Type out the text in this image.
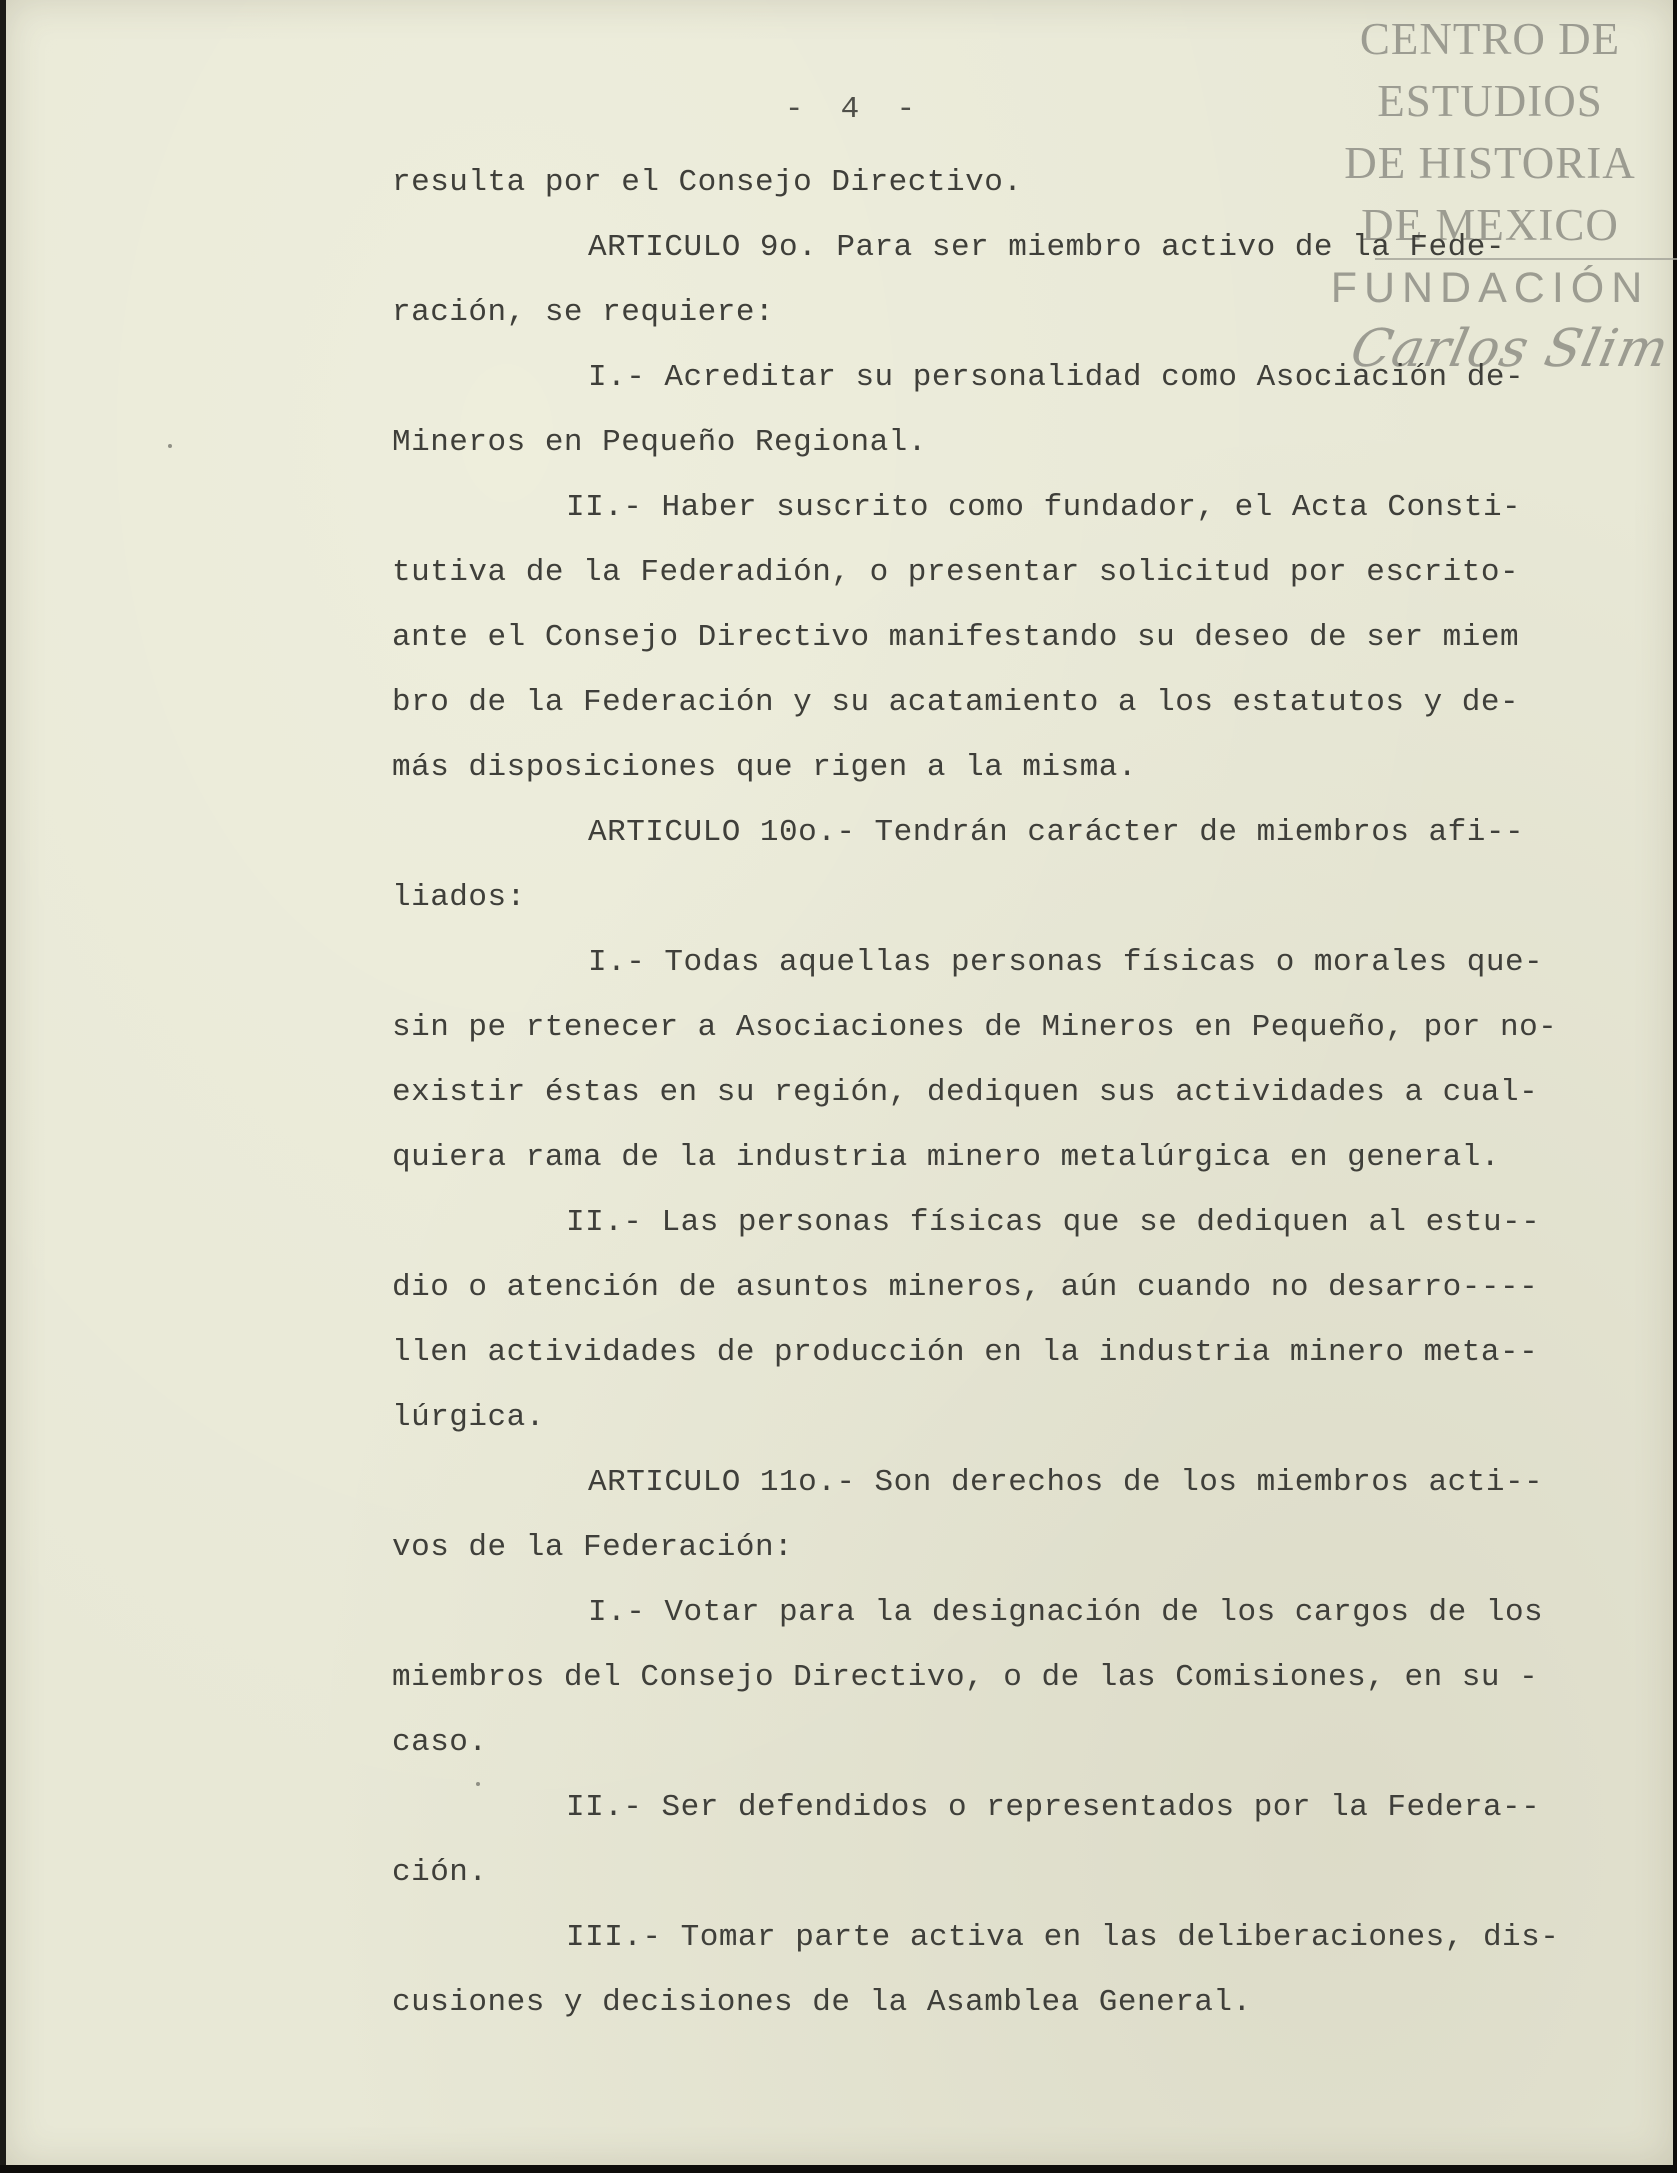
CENTRO DE
ESTUDIOS
DE HISTORIA
DE MEXICO
FUNDACIÓN
Carlos Slim
-  4  -
resulta por el Consejo Directivo.
ARTICULO 9o. Para ser miembro activo de la Fede-
ración, se requiere:
I.- Acreditar su personalidad como Asociación de-
Mineros en Pequeño Regional.
II.- Haber suscrito como fundador, el Acta Consti-
tutiva de la Federadión, o presentar solicitud por escrito-
ante el Consejo Directivo manifestando su deseo de ser miem
bro de la Federación y su acatamiento a los estatutos y de-
más disposiciones que rigen a la misma.
ARTICULO 10o.- Tendrán carácter de miembros afi--
liados:
I.- Todas aquellas personas físicas o morales que-
sin pe rtenecer a Asociaciones de Mineros en Pequeño, por no-
existir éstas en su región, dediquen sus actividades a cual-
quiera rama de la industria minero metalúrgica en general.
II.- Las personas físicas que se dediquen al estu--
dio o atención de asuntos mineros, aún cuando no desarro----
llen actividades de producción en la industria minero meta--
lúrgica.
ARTICULO 11o.- Son derechos de los miembros acti--
vos de la Federación:
I.- Votar para la designación de los cargos de los
miembros del Consejo Directivo, o de las Comisiones, en su -
caso.
II.- Ser defendidos o representados por la Federa--
ción.
III.- Tomar parte activa en las deliberaciones, dis-
cusiones y decisiones de la Asamblea General.
